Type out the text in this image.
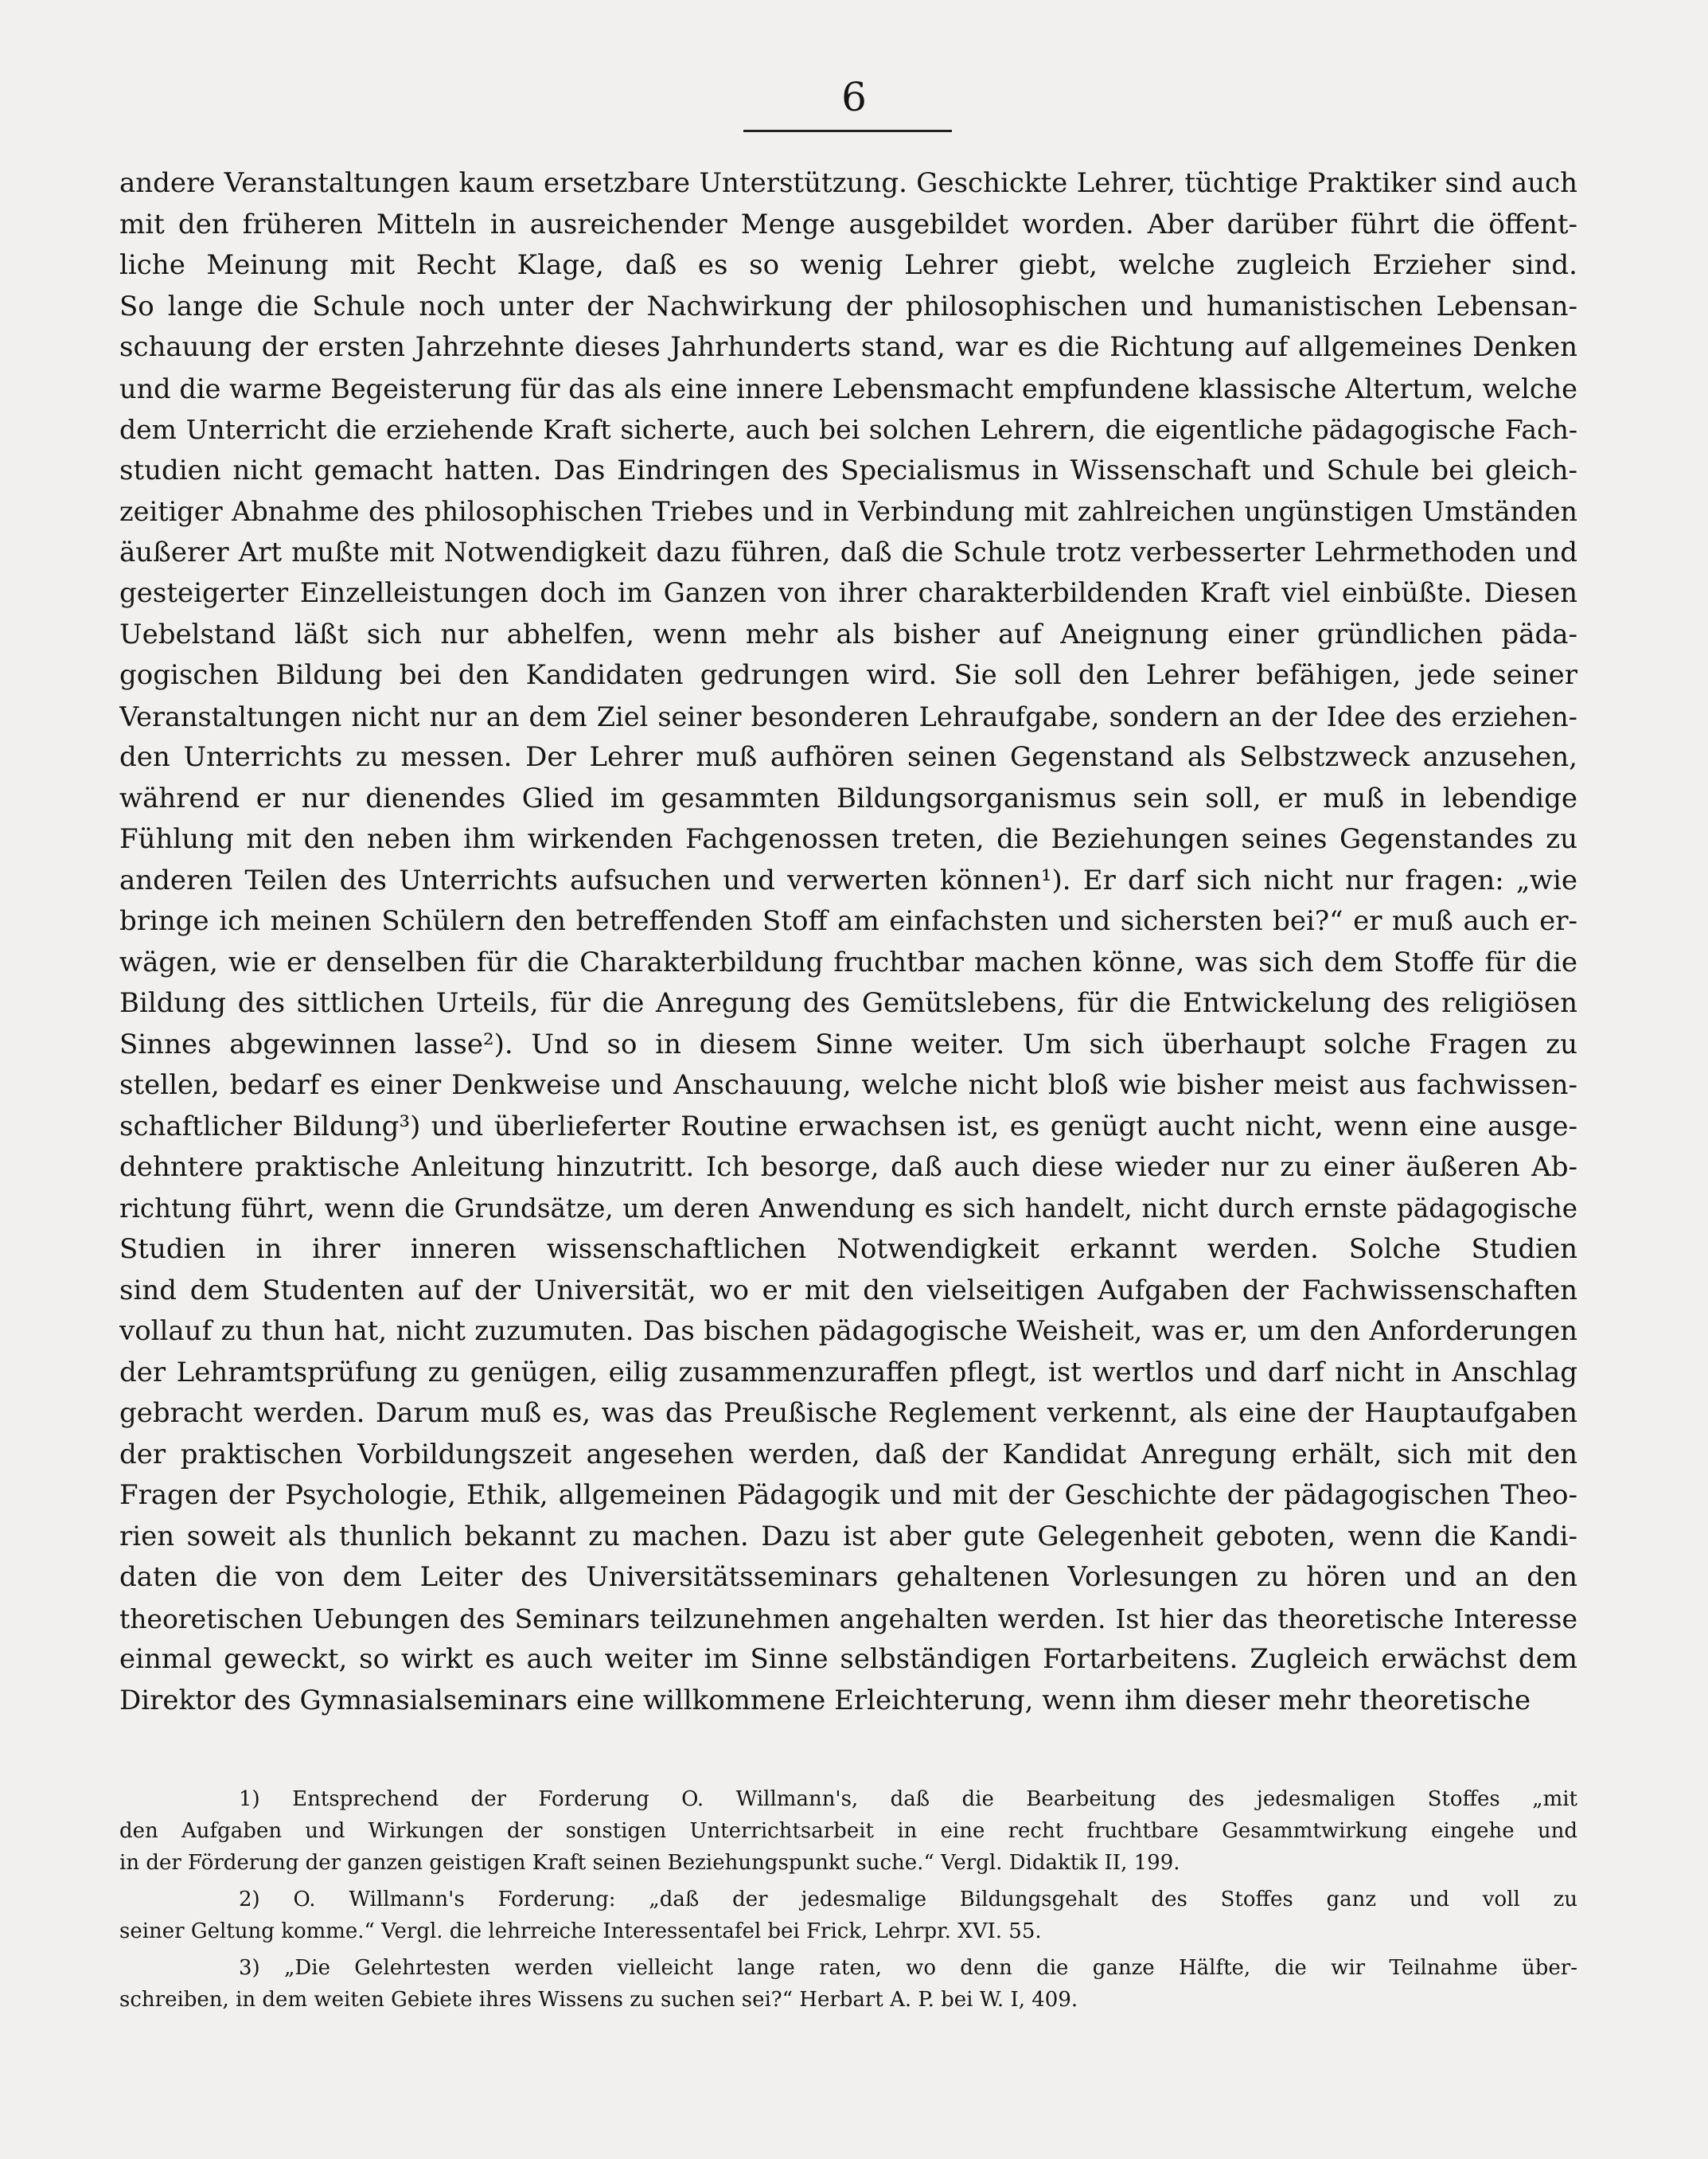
6
andere Veranstaltungen kaum ersetzbare Unterstützung. Geschickte Lehrer, tüchtige Praktiker sind auch
mit den früheren Mitteln in ausreichender Menge ausgebildet worden. Aber darüber führt die öffent-
liche Meinung mit Recht Klage, daß es so wenig Lehrer giebt, welche zugleich Erzieher sind.
So lange die Schule noch unter der Nachwirkung der philosophischen und humanistischen Lebensan-
schauung der ersten Jahrzehnte dieses Jahrhunderts stand, war es die Richtung auf allgemeines Denken
und die warme Begeisterung für das als eine innere Lebensmacht empfundene klassische Altertum, welche
dem Unterricht die erziehende Kraft sicherte, auch bei solchen Lehrern, die eigentliche pädagogische Fach-
studien nicht gemacht hatten. Das Eindringen des Specialismus in Wissenschaft und Schule bei gleich-
zeitiger Abnahme des philosophischen Triebes und in Verbindung mit zahlreichen ungünstigen Umständen
äußerer Art mußte mit Notwendigkeit dazu führen, daß die Schule trotz verbesserter Lehrmethoden und
gesteigerter Einzelleistungen doch im Ganzen von ihrer charakterbildenden Kraft viel einbüßte. Diesen
Uebelstand läßt sich nur abhelfen, wenn mehr als bisher auf Aneignung einer gründlichen päda-
gogischen Bildung bei den Kandidaten gedrungen wird. Sie soll den Lehrer befähigen, jede seiner
Veranstaltungen nicht nur an dem Ziel seiner besonderen Lehraufgabe, sondern an der Idee des erziehen-
den Unterrichts zu messen. Der Lehrer muß aufhören seinen Gegenstand als Selbstzweck anzusehen,
während er nur dienendes Glied im gesammten Bildungsorganismus sein soll, er muß in lebendige
Fühlung mit den neben ihm wirkenden Fachgenossen treten, die Beziehungen seines Gegenstandes zu
anderen Teilen des Unterrichts aufsuchen und verwerten können¹). Er darf sich nicht nur fragen: „wie
bringe ich meinen Schülern den betreffenden Stoff am einfachsten und sichersten bei?“ er muß auch er-
wägen, wie er denselben für die Charakterbildung fruchtbar machen könne, was sich dem Stoffe für die
Bildung des sittlichen Urteils, für die Anregung des Gemütslebens, für die Entwickelung des religiösen
Sinnes abgewinnen lasse²). Und so in diesem Sinne weiter. Um sich überhaupt solche Fragen zu
stellen, bedarf es einer Denkweise und Anschauung, welche nicht bloß wie bisher meist aus fachwissen-
schaftlicher Bildung³) und überlieferter Routine erwachsen ist, es genügt aucht nicht, wenn eine ausge-
dehntere praktische Anleitung hinzutritt. Ich besorge, daß auch diese wieder nur zu einer äußeren Ab-
richtung führt, wenn die Grundsätze, um deren Anwendung es sich handelt, nicht durch ernste pädagogische
Studien in ihrer inneren wissenschaftlichen Notwendigkeit erkannt werden. Solche Studien
sind dem Studenten auf der Universität, wo er mit den vielseitigen Aufgaben der Fachwissenschaften
vollauf zu thun hat, nicht zuzumuten. Das bischen pädagogische Weisheit, was er, um den Anforderungen
der Lehramtsprüfung zu genügen, eilig zusammenzuraffen pflegt, ist wertlos und darf nicht in Anschlag
gebracht werden. Darum muß es, was das Preußische Reglement verkennt, als eine der Hauptaufgaben
der praktischen Vorbildungszeit angesehen werden, daß der Kandidat Anregung erhält, sich mit den
Fragen der Psychologie, Ethik, allgemeinen Pädagogik und mit der Geschichte der pädagogischen Theo-
rien soweit als thunlich bekannt zu machen. Dazu ist aber gute Gelegenheit geboten, wenn die Kandi-
daten die von dem Leiter des Universitätsseminars gehaltenen Vorlesungen zu hören und an den
theoretischen Uebungen des Seminars teilzunehmen angehalten werden. Ist hier das theoretische Interesse
einmal geweckt, so wirkt es auch weiter im Sinne selbständigen Fortarbeitens. Zugleich erwächst dem
Direktor des Gymnasialseminars eine willkommene Erleichterung, wenn ihm dieser mehr theoretische
1) Entsprechend der Forderung O. Willmann's, daß die Bearbeitung des jedesmaligen Stoffes „mit
den Aufgaben und Wirkungen der sonstigen Unterrichtsarbeit in eine recht fruchtbare Gesammtwirkung eingehe und
in der Förderung der ganzen geistigen Kraft seinen Beziehungspunkt suche.“ Vergl. Didaktik II, 199.
2) O. Willmann's Forderung: „daß der jedesmalige Bildungsgehalt des Stoffes ganz und voll zu
seiner Geltung komme.“ Vergl. die lehrreiche Interessentafel bei Frick, Lehrpr. XVI. 55.
3) „Die Gelehrtesten werden vielleicht lange raten, wo denn die ganze Hälfte, die wir Teilnahme über-
schreiben, in dem weiten Gebiete ihres Wissens zu suchen sei?“ Herbart A. P. bei W. I, 409.
